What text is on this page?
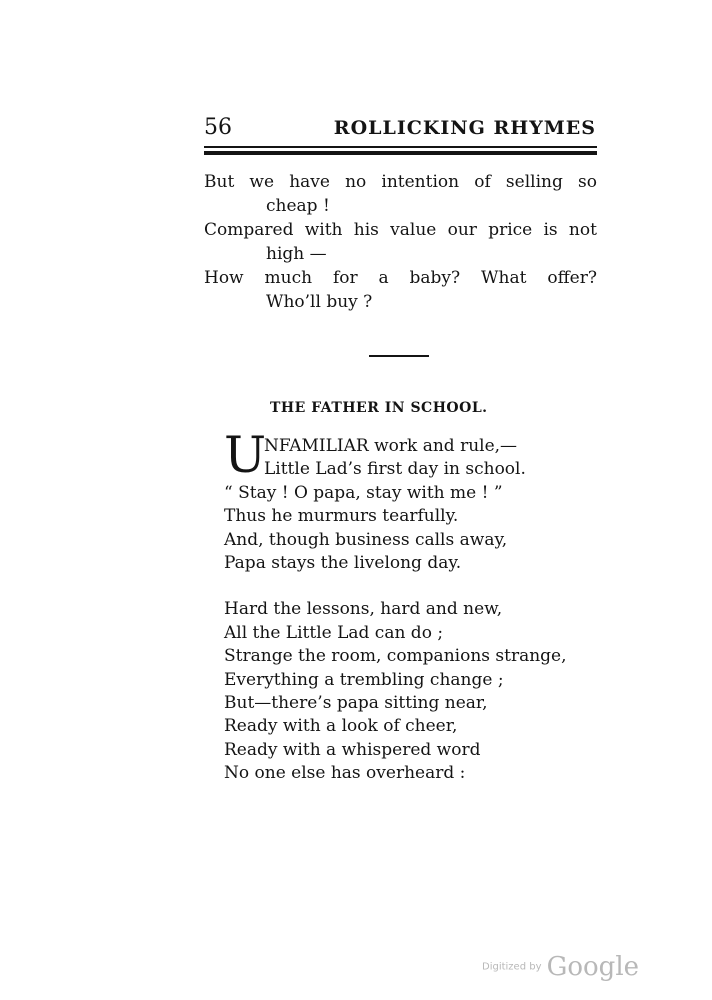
56	ROLLICKING RHYMES
But we have no intention of selling so
cheap !
Compared with his value our price is not
high —
How much for a baby? What offer?
Who’ll buy ?
THE FATHER IN SCHOOL.
U
NFAMILIAR work and rule,—
Little Lad’s first day in school.
“ Stay ! O papa, stay with me ! ”
Thus he murmurs tearfully.
And, though business calls away,
Papa stays the livelong day.
Hard the lessons, hard and new,
All the Little Lad can do ;
Strange the room, companions strange,
Everything a trembling change ;
But—there’s papa sitting near,
Ready with a look of cheer,
Ready with a whispered word
No one else has overheard :
Digitized by Google
